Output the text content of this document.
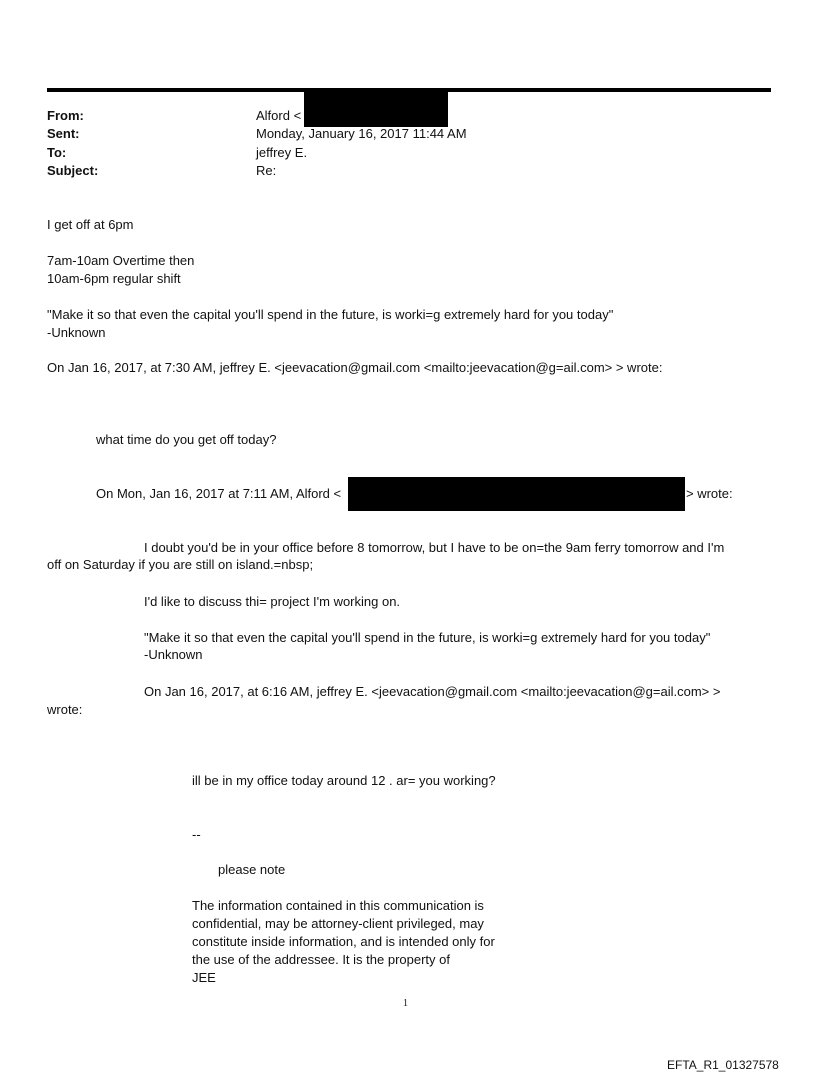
From:	Alford <
Sent:	Monday, January 16, 2017 11:44 AM
To:	jeffrey E.
Subject:	Re:
I get off at 6pm
7am-10am Overtime then
10am-6pm regular shift
"Make it so that even the capital you'll spend in the future, is worki=g extremely hard for you today"
-Unknown
On Jan 16, 2017, at 7:30 AM, jeffrey E. <jeevacation@gmail.com <mailto:jeevacation@g=ail.com> > wrote:
what time do you get off today?
On Mon, Jan 16, 2017 at 7:11 AM, Alford <	> wrote:
I doubt you'd be in your office before 8 tomorrow, but I have to be on=the 9am ferry tomorrow and I'm
off on Saturday if you are still on island.=nbsp;
I'd like to discuss thi= project I'm working on.
"Make it so that even the capital you'll spend in the future, is worki=g extremely hard for you today"
-Unknown
On Jan 16, 2017, at 6:16 AM, jeffrey E. <jeevacation@gmail.com <mailto:jeevacation@g=ail.com> >
wrote:
ill be in my office today around 12 . ar= you working?
--
please note
The information contained in this communication is
confidential, may be attorney-client privileged, may
constitute inside information, and is intended only for
the use of the addressee. It is the property of
JEE
1
EFTA_R1_01327578
